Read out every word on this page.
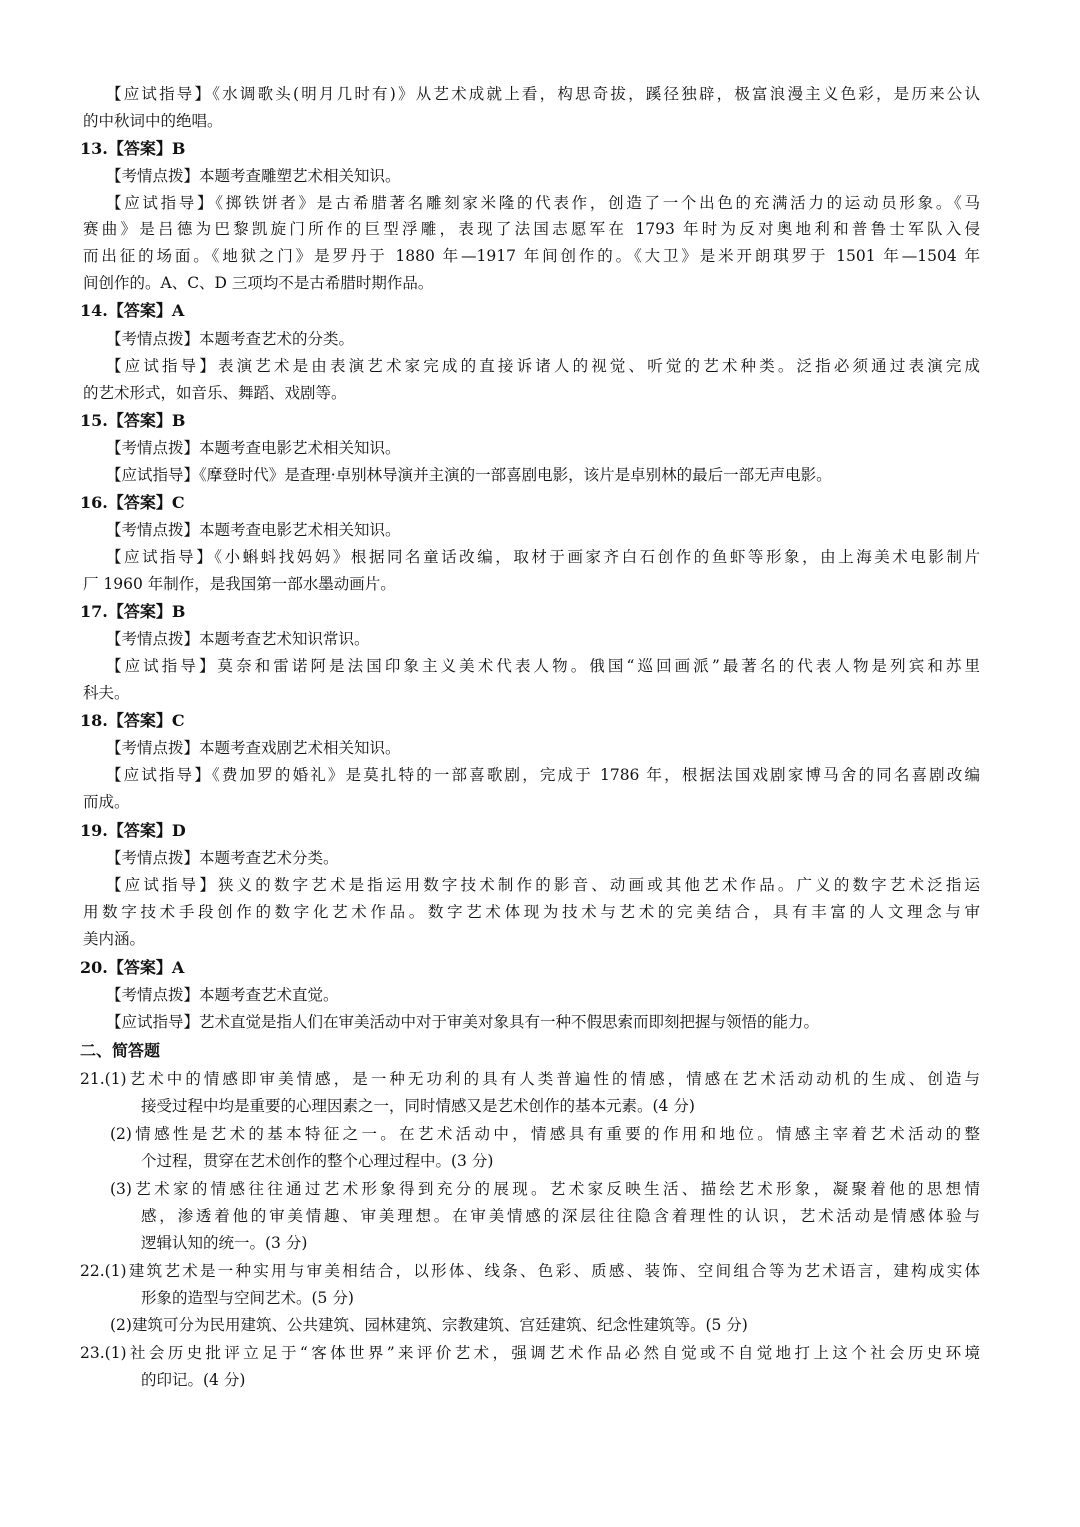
【应试指导】《水调歌头(明月几时有)》从艺术成就上看，构思奇拔，蹊径独辟，极富浪漫主义色彩，是历来公认
的中秋词中的绝唱。
13.【答案】B
【考情点拨】本题考查雕塑艺术相关知识。
【应试指导】《掷铁饼者》是古希腊著名雕刻家米隆的代表作，创造了一个出色的充满活力的运动员形象。《马
赛曲》是吕德为巴黎凯旋门所作的巨型浮雕，表现了法国志愿军在 1793 年时为反对奥地利和普鲁士军队入侵
而出征的场面。《地狱之门》是罗丹于 1880 年—1917 年间创作的。《大卫》是米开朗琪罗于 1501 年—1504 年
间创作的。A、C、D 三项均不是古希腊时期作品。
14.【答案】A
【考情点拨】本题考查艺术的分类。
【应试指导】表演艺术是由表演艺术家完成的直接诉诸人的视觉、听觉的艺术种类。泛指必须通过表演完成
的艺术形式，如音乐、舞蹈、戏剧等。
15.【答案】B
【考情点拨】本题考查电影艺术相关知识。
【应试指导】《摩登时代》是查理·卓别林导演并主演的一部喜剧电影，该片是卓别林的最后一部无声电影。
16.【答案】C
【考情点拨】本题考查电影艺术相关知识。
【应试指导】《小蝌蚪找妈妈》根据同名童话改编，取材于画家齐白石创作的鱼虾等形象，由上海美术电影制片
厂 1960 年制作，是我国第一部水墨动画片。
17.【答案】B
【考情点拨】本题考查艺术知识常识。
【应试指导】莫奈和雷诺阿是法国印象主义美术代表人物。俄国“巡回画派”最著名的代表人物是列宾和苏里
科夫。
18.【答案】C
【考情点拨】本题考查戏剧艺术相关知识。
【应试指导】《费加罗的婚礼》是莫扎特的一部喜歌剧，完成于 1786 年，根据法国戏剧家博马舍的同名喜剧改编
而成。
19.【答案】D
【考情点拨】本题考查艺术分类。
【应试指导】狭义的数字艺术是指运用数字技术制作的影音、动画或其他艺术作品。广义的数字艺术泛指运
用数字技术手段创作的数字化艺术作品。数字艺术体现为技术与艺术的完美结合，具有丰富的人文理念与审
美内涵。
20.【答案】A
【考情点拨】本题考查艺术直觉。
【应试指导】艺术直觉是指人们在审美活动中对于审美对象具有一种不假思索而即刻把握与领悟的能力。
二、简答题
21.(1)艺术中的情感即审美情感，是一种无功利的具有人类普遍性的情感，情感在艺术活动动机的生成、创造与
接受过程中均是重要的心理因素之一，同时情感又是艺术创作的基本元素。(4 分)
(2)情感性是艺术的基本特征之一。在艺术活动中，情感具有重要的作用和地位。情感主宰着艺术活动的整
个过程，贯穿在艺术创作的整个心理过程中。(3 分)
(3)艺术家的情感往往通过艺术形象得到充分的展现。艺术家反映生活、描绘艺术形象，凝聚着他的思想情
感，渗透着他的审美情趣、审美理想。在审美情感的深层往往隐含着理性的认识，艺术活动是情感体验与
逻辑认知的统一。(3 分)
22.(1)建筑艺术是一种实用与审美相结合，以形体、线条、色彩、质感、装饰、空间组合等为艺术语言，建构成实体
形象的造型与空间艺术。(5 分)
(2)建筑可分为民用建筑、公共建筑、园林建筑、宗教建筑、宫廷建筑、纪念性建筑等。(5 分)
23.(1)社会历史批评立足于“客体世界”来评价艺术，强调艺术作品必然自觉或不自觉地打上这个社会历史环境
的印记。(4 分)
